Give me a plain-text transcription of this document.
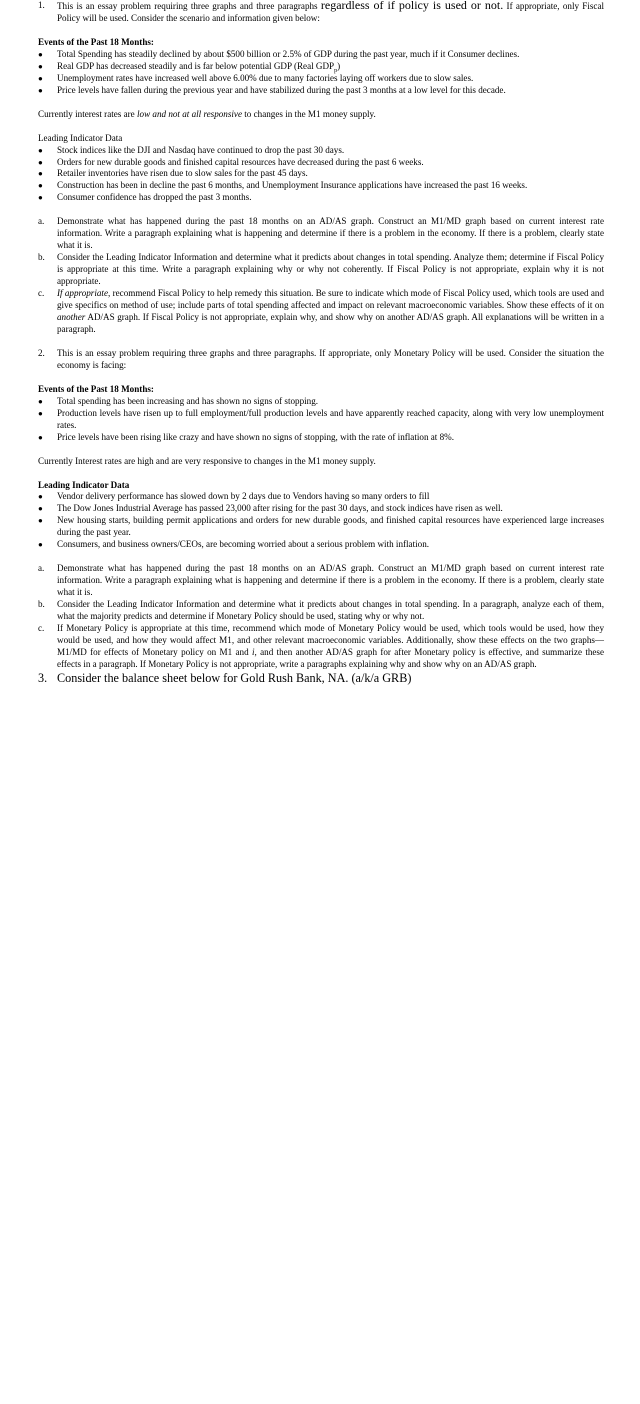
1.	This is an essay problem requiring three graphs and three paragraphs regardless of if policy is used or not. If appropriate, only Fiscal Policy will be used. Consider the scenario and information given below:
Events of the Past 18 Months:
●	Total Spending has steadily declined by about $500 billion or 2.5% of GDP during the past year, much if it Consumer declines.
●	Real GDP has decreased steadily and is far below potential GDP (Real $GDP_p$)
●	Unemployment rates have increased well above 6.00% due to many factories laying off workers due to slow sales.
●	Price levels have fallen during the previous year and have stabilized during the past 3 months at a low level for this decade.
Currently interest rates are low and not at all responsive to changes in the M1 money supply.
Leading Indicator Data
●	Stock indices like the DJI and Nasdaq have continued to drop the past 30 days.
●	Orders for new durable goods and finished capital resources have decreased during the past 6 weeks.
●	Retailer inventories have risen due to slow sales for the past 45 days.
●	Construction has been in decline the past 6 months, and Unemployment Insurance applications have increased the past 16 weeks.
●	Consumer confidence has dropped the past 3 months.
a.	Demonstrate what has happened during the past 18 months on an AD/AS graph. Construct an M1/MD graph based on current interest rate information. Write a paragraph explaining what is happening and determine if there is a problem in the economy. If there is a problem, clearly state what it is.
b.	Consider the Leading Indicator Information and determine what it predicts about changes in total spending. Analyze them; determine if Fiscal Policy is appropriate at this time. Write a paragraph explaining why or why not coherently. If Fiscal Policy is not appropriate, explain why it is not appropriate.
c.	If appropriate, recommend Fiscal Policy to help remedy this situation. Be sure to indicate which mode of Fiscal Policy used, which tools are used and give specifics on method of use; include parts of total spending affected and impact on relevant macroeconomic variables. Show these effects of it on another AD/AS graph. If Fiscal Policy is not appropriate, explain why, and show why on another AD/AS graph. All explanations will be written in a paragraph.
2.	This is an essay problem requiring three graphs and three paragraphs. If appropriate, only Monetary Policy will be used. Consider the situation the economy is facing:
Events of the Past 18 Months:
●	Total spending has been increasing and has shown no signs of stopping.
●	Production levels have risen up to full employment/full production levels and have apparently reached capacity, along with very low unemployment rates.
●	Price levels have been rising like crazy and have shown no signs of stopping, with the rate of inflation at 8%.
Currently Interest rates are high and are very responsive to changes in the M1 money supply.
Leading Indicator Data
●	Vendor delivery performance has slowed down by 2 days due to Vendors having so many orders to fill
●	The Dow Jones Industrial Average has passed 23,000 after rising for the past 30 days, and stock indices have risen as well.
●	New housing starts, building permit applications and orders for new durable goods, and finished capital resources have experienced large increases during the past year.
●	Consumers, and business owners/CEOs, are becoming worried about a serious problem with inflation.
a.	Demonstrate what has happened during the past 18 months on an AD/AS graph. Construct an M1/MD graph based on current interest rate information. Write a paragraph explaining what is happening and determine if there is a problem in the economy. If there is a problem, clearly state what it is.
b.	Consider the Leading Indicator Information and determine what it predicts about changes in total spending. In a paragraph, analyze each of them, what the majority predicts and determine if Monetary Policy should be used, stating why or why not.
c.	If Monetary Policy is appropriate at this time, recommend which mode of Monetary Policy would be used, which tools would be used, how they would be used, and how they would affect M1, and other relevant macroeconomic variables. Additionally, show these effects on the two graphs— M1/MD for effects of Monetary policy on M1 and i, and then another AD/AS graph for after Monetary policy is effective, and summarize these effects in a paragraph. If Monetary Policy is not appropriate, write a paragraphs explaining why and show why on an AD/AS graph.
3. Consider the balance sheet below for Gold Rush Bank, NA. (a/k/a GRB)
